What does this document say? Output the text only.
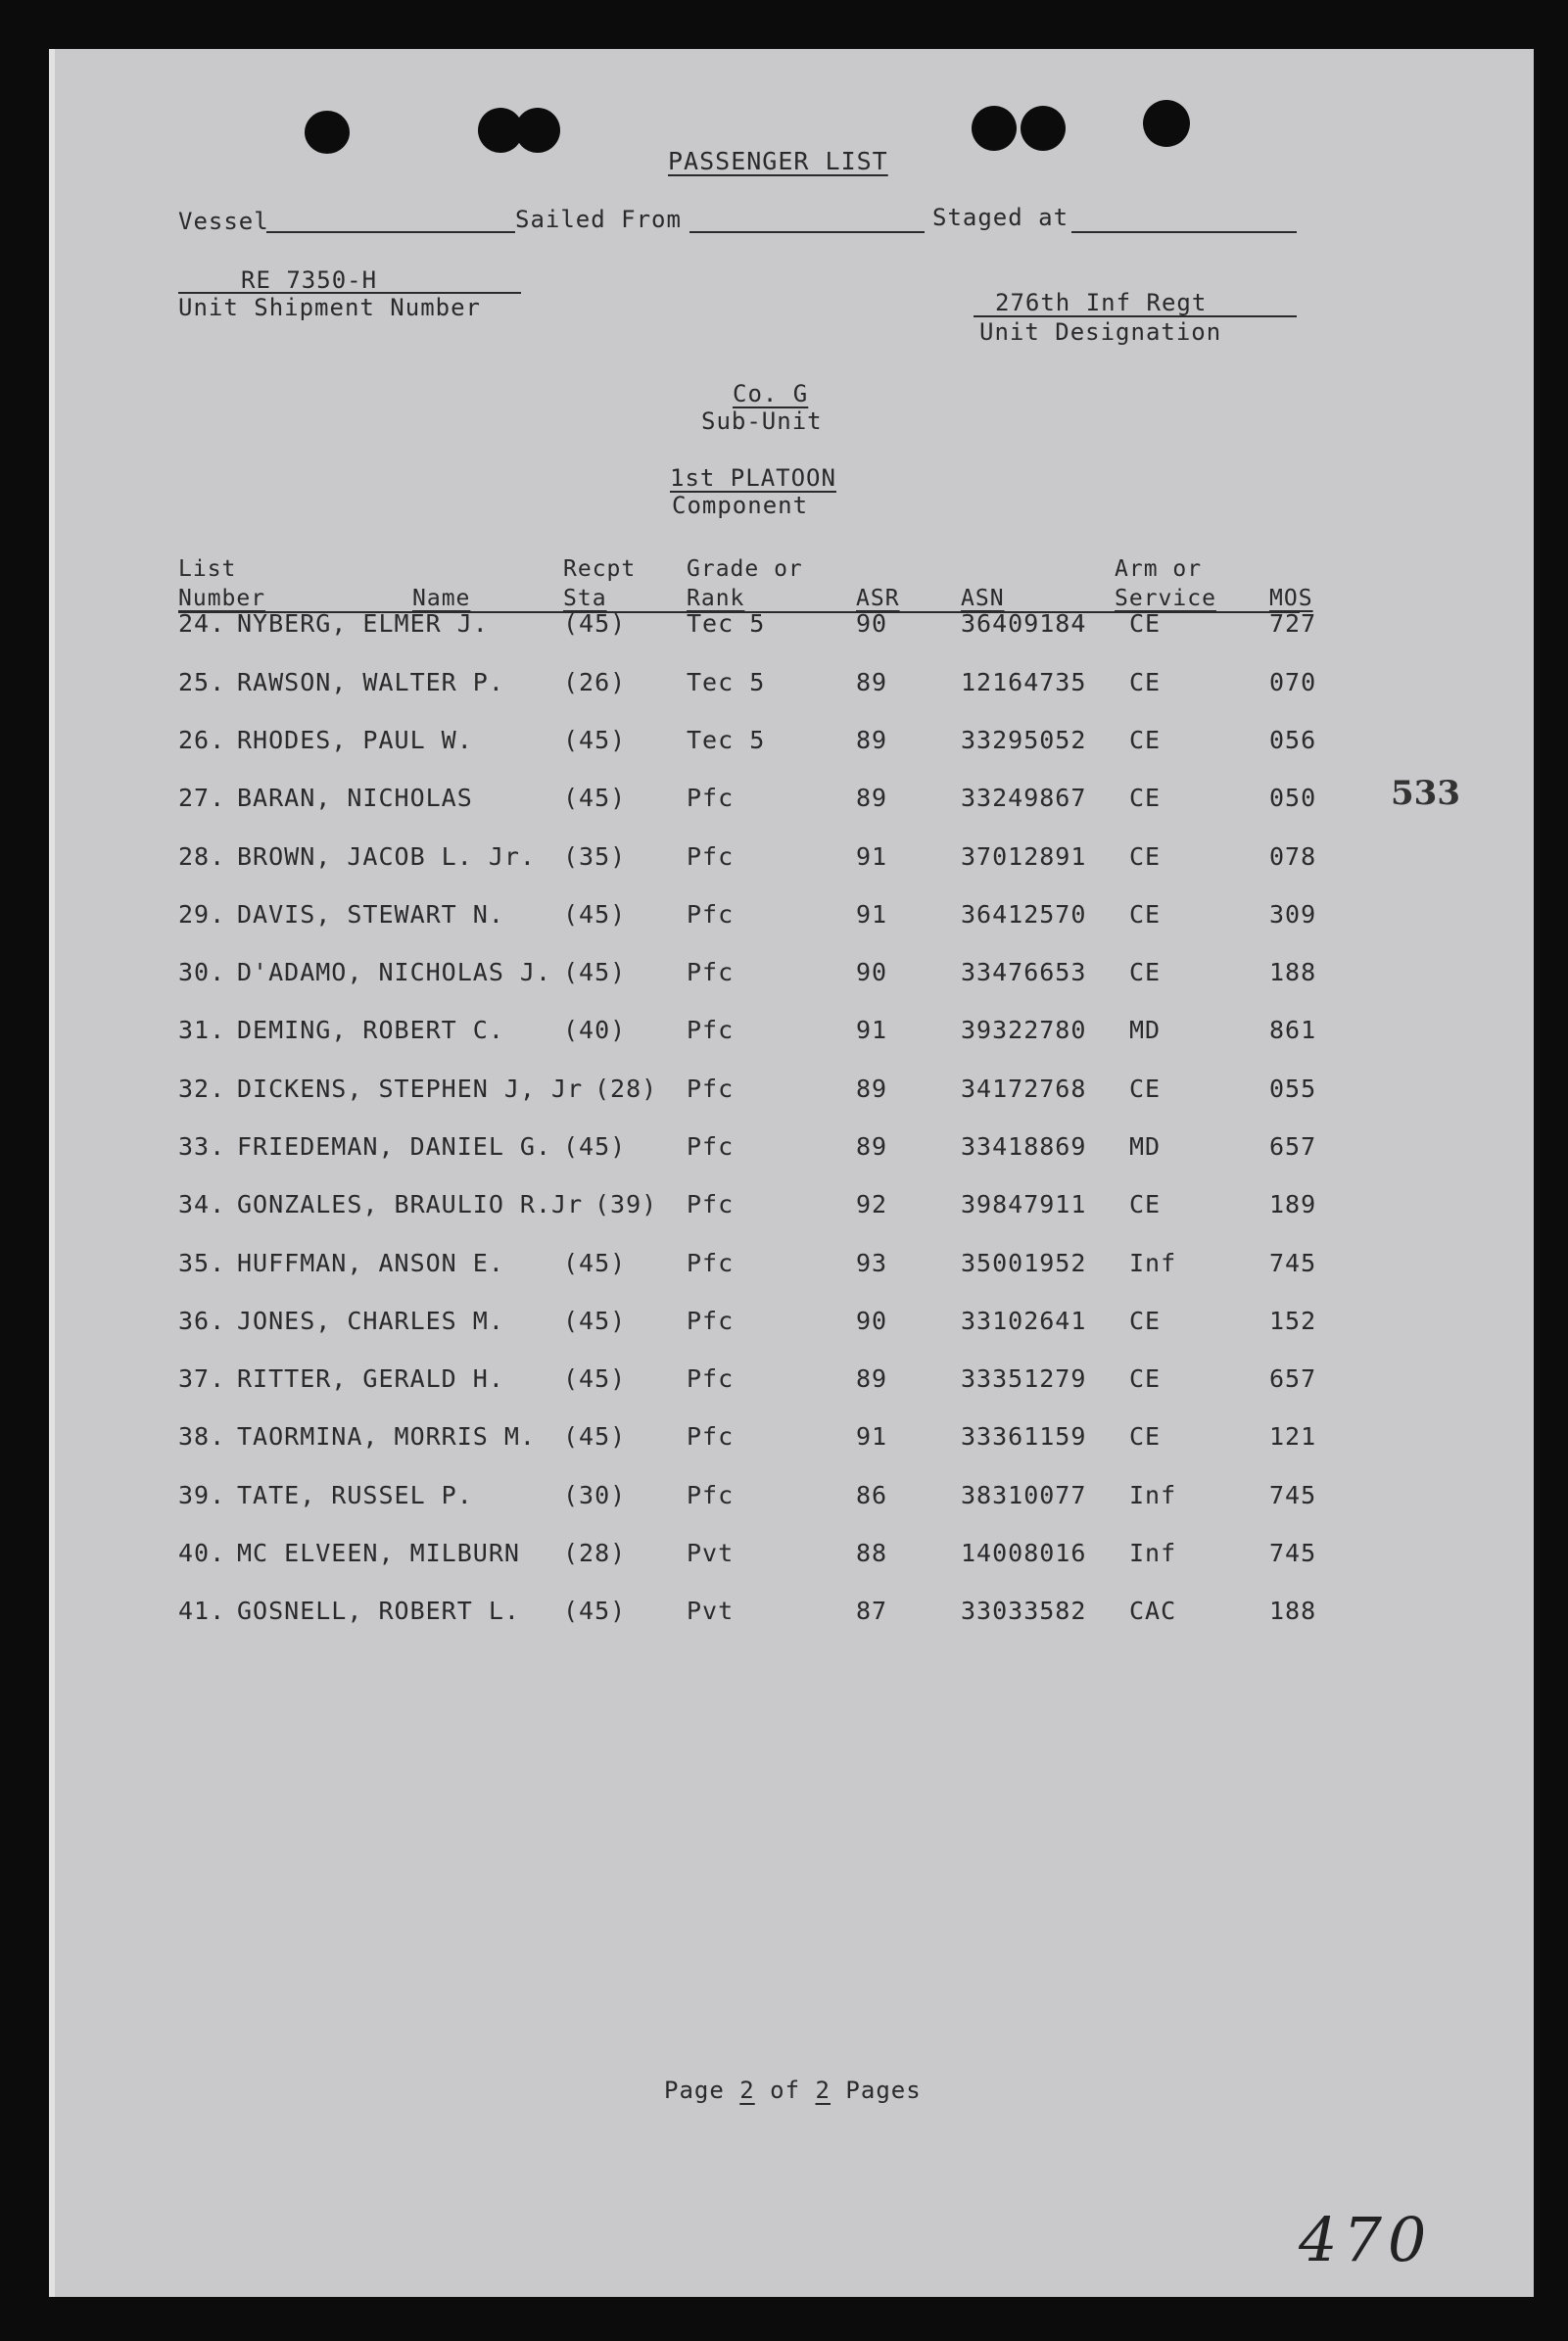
PASSENGER LIST
Vessel	Sailed From	Staged at
RE 7350-H
Unit Shipment Number	276th Inf Regt
Unit Designation
Co. G
Sub-Unit
1st PLATOON
Component
List
Number	Name
Recpt
Sta
Grade or
Rank	ASR	ASN
Arm or
Service MOS
24. NYBERG, ELMER J.	(45) Tec 5	90	36409184 CE	727
25. RAWSON, WALTER P. (26) Tec 5	89	12164735 CE	070
26. RHODES, PAUL W.	(45) Tec 5	89	33295052 CE	056
27. BARAN, NICHOLAS	(45) Pfc	89	33249867 CE	050
28. BROWN, JACOB L. Jr. (35) Pfc	91	37012891 CE	078
29. DAVIS, STEWART N. (45) Pfc	91	36412570 CE	309
30. D'ADAMO, NICHOLAS J. (45) Pfc	90	33476653 CE	188
31. DEMING, ROBERT C. (40) Pfc	91	39322780 MD	861
32. DICKENS, STEPHEN J, Jr (28) Pfc	89	34172768 CE	055
33. FRIEDEMAN, DANIEL G. (45) Pfc	89	33418869 MD	657
34. GONZALES, BRAULIO R.Jr (39) Pfc	92	39847911 CE	189
35. HUFFMAN, ANSON E. (45) Pfc	93	35001952 Inf	745
36. JONES, CHARLES M. (45) Pfc	90	33102641 CE	152
37. RITTER, GERALD H. (45) Pfc	89	33351279 CE	657
38. TAORMINA, MORRIS M. (45) Pfc	91	33361159 CE	121
39. TATE, RUSSEL P.	(30) Pfc	86	38310077 Inf	745
40. MC ELVEEN, MILBURN (28) Pvt	88	14008016 Inf	745
41. GOSNELL, ROBERT L. (45) Pvt	87	33033582 CAC	188
533
Page 2 of 2 Pages
470
